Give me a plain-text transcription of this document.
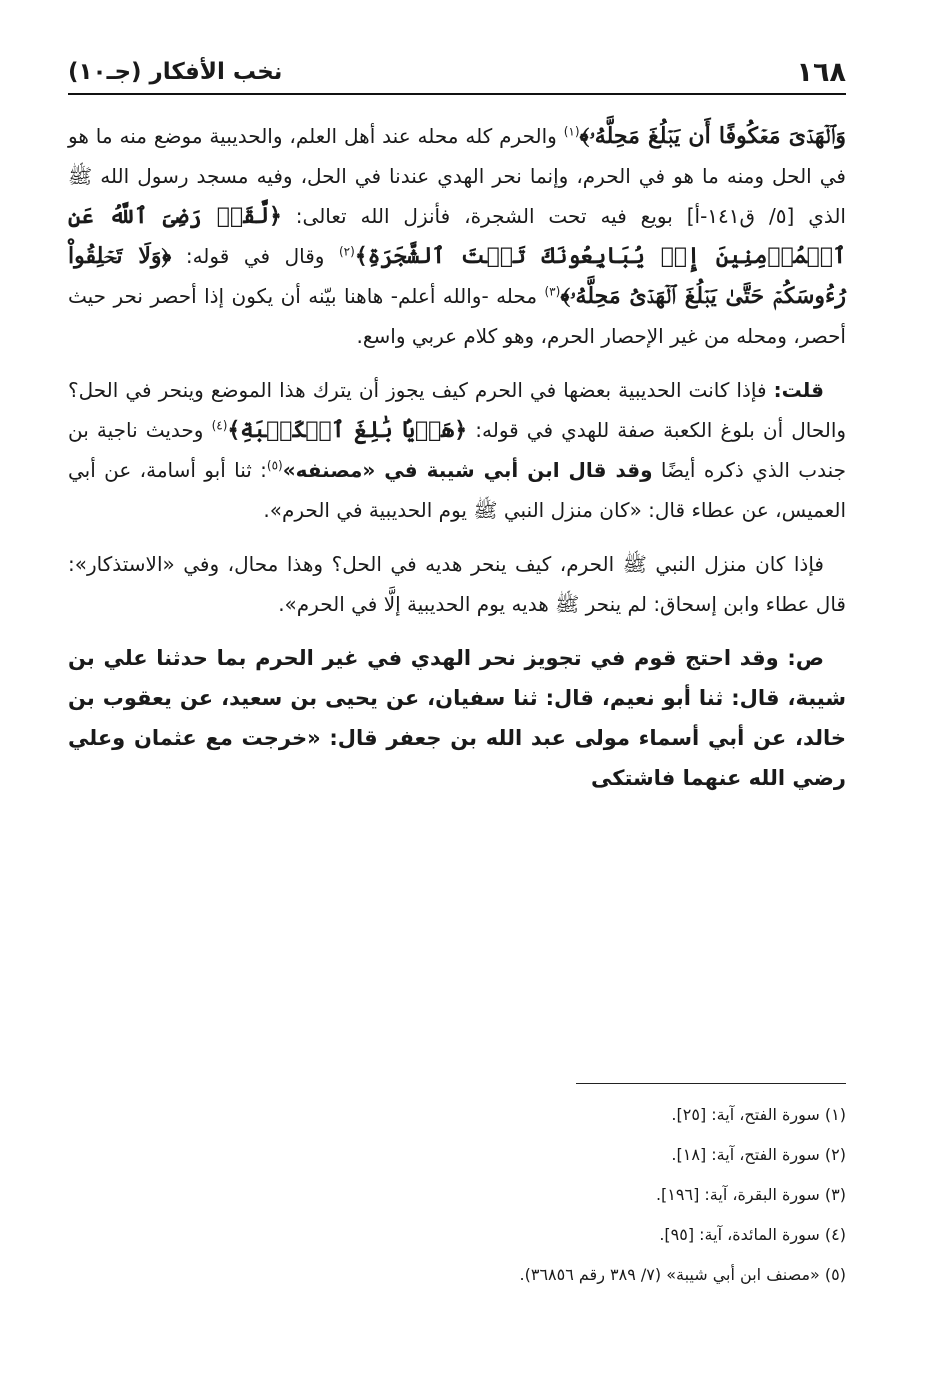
١٦٨
نخب الأفكار (جـ١٠)

وَٱلۡهَدۡىَ مَعۡكُوفًا أَن يَبۡلُغَ مَحِلَّهُۥ﴾$^{(١)}$ والحرم كله محله عند أهل العلم، والحديبية موضع منه ما هو في الحل ومنه ما هو في الحرم، وإنما نحر الهدي عندنا في الحل، وفيه مسجد رسول الله ﷺ الذي [٥/ ق١٤١-أ] بويع فيه تحت الشجرة، فأنزل الله تعالى: ﴿لَّقَدۡ رَضِىَ ٱللَّهُ عَنِ ٱلۡمُؤۡمِنِينَ إِذۡ يُبَايِعُونَكَ تَحۡتَ ٱلشَّجَرَةِ﴾$^{(٢)}$ وقال في قوله: ﴿وَلَا تَحۡلِقُواْ رُءُوسَكُمۡ حَتَّىٰ يَبۡلُغَ ٱلۡهَدۡىُ مَحِلَّهُۥ﴾$^{(٣)}$ محله -والله أعلم- هاهنا بيّنه أن يكون إذا أحصر نحر حيث أحصر، ومحله من غير الإحصار الحرم، وهو كلام عربي واسع.

قلت: فإذا كانت الحديبية بعضها في الحرم كيف يجوز أن يترك هذا الموضع وينحر في الحل؟ والحال أن بلوغ الكعبة صفة للهدي في قوله: ﴿هَدۡيَۢا بَٰلِغَ ٱلۡكَعۡبَةِ﴾$^{(٤)}$ وحديث ناجية بن جندب الذي ذكره أيضًا وقد قال ابن أبي شيبة في «مصنفه»$^{(٥)}$: ثنا أبو أسامة، عن أبي العميس، عن عطاء قال: «كان منزل النبي ﷺ يوم الحديبية في الحرم».

فإذا كان منزل النبي ﷺ الحرم، كيف ينحر هديه في الحل؟ وهذا محال، وفي «الاستذكار»: قال عطاء وابن إسحاق: لم ينحر ﷺ هديه يوم الحديبية إلَّا في الحرم».

ص: وقد احتج قوم في تجويز نحر الهدي في غير الحرم بما حدثنا علي بن شيبة، قال: ثنا أبو نعيم، قال: ثنا سفيان، عن يحيى بن سعيد، عن يعقوب بن خالد، عن أبي أسماء مولى عبد الله بن جعفر قال: «خرجت مع عثمان وعلي رضي الله عنهما فاشتكى

(١) سورة الفتح، آية: [٢٥].
(٢) سورة الفتح، آية: [١٨].
(٣) سورة البقرة، آية: [١٩٦].
(٤) سورة المائدة، آية: [٩٥].
(٥) «مصنف ابن أبي شيبة» (٧/ ٣٨٩ رقم ٣٦٨٥٦).
